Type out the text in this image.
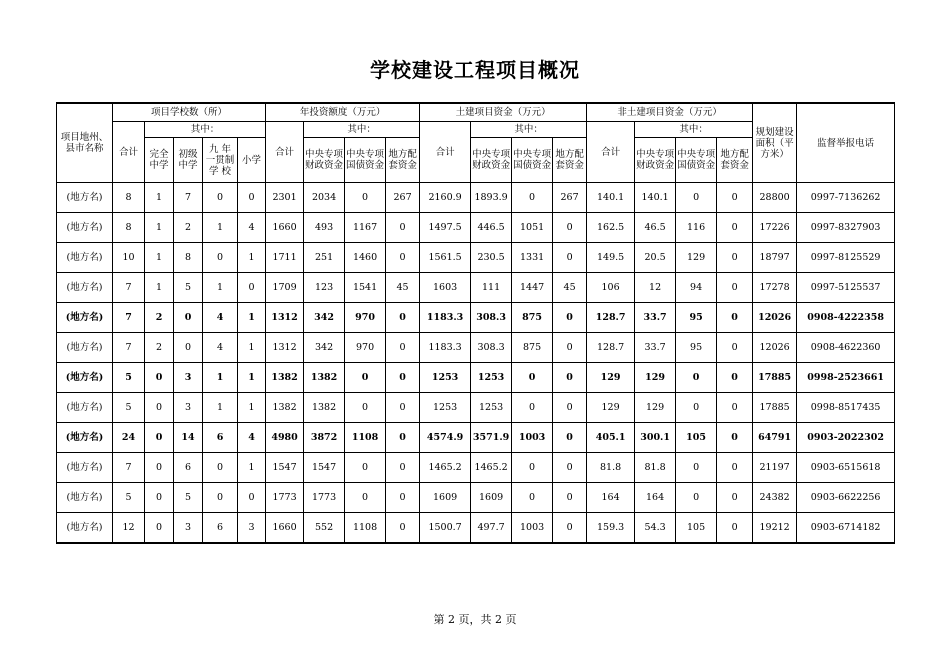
学校建设工程项目概况
项目地州、县市名称	项目学校数（所）					年投资额度（万元）				土建项目资金（万元）				非土建项目资金（万元）				规划建设面积（平方米）	监督举报电话
	合计	其中：				合计	其中：			合计	其中：			合计	其中：				
		完全中学	初级中学	九 年 一贯制 学 校	小学		中央专项财政资金	中央专项国债资金	地方配套资金		中央专项财政资金	中央专项国债资金	地方配套资金		中央专项财政资金	中央专项国债资金	地方配套资金		
(地方名)	8	1	7	0	0	2301	2034	0	267	2160.9	1893.9	0	267	140.1	140.1	0	0	28800	0997-7136262
(地方名)	8	1	2	1	4	1660	493	1167	0	1497.5	446.5	1051	0	162.5	46.5	116	0	17226	0997-8327903
(地方名)	10	1	8	0	1	1711	251	1460	0	1561.5	230.5	1331	0	149.5	20.5	129	0	18797	0997-8125529
(地方名)	7	1	5	1	0	1709	123	1541	45	1603	111	1447	45	106	12	94	0	17278	0997-5125537
(地方名)	7	2	0	4	1	1312	342	970	0	1183.3	308.3	875	0	128.7	33.7	95	0	12026	0908-4222358
(地方名)	7	2	0	4	1	1312	342	970	0	1183.3	308.3	875	0	128.7	33.7	95	0	12026	0908-4622360
(地方名)	5	0	3	1	1	1382	1382	0	0	1253	1253	0	0	129	129	0	0	17885	0998-2523661
(地方名)	5	0	3	1	1	1382	1382	0	0	1253	1253	0	0	129	129	0	0	17885	0998-8517435
(地方名)	24	0	14	6	4	4980	3872	1108	0	4574.9	3571.9	1003	0	405.1	300.1	105	0	64791	0903-2022302
(地方名)	7	0	6	0	1	1547	1547	0	0	1465.2	1465.2	0	0	81.8	81.8	0	0	21197	0903-6515618
(地方名)	5	0	5	0	0	1773	1773	0	0	1609	1609	0	0	164	164	0	0	24382	0903-6622256
(地方名)	12	0	3	6	3	1660	552	1108	0	1500.7	497.7	1003	0	159.3	54.3	105	0	19212	0903-6714182
第 2 页，共 2 页
